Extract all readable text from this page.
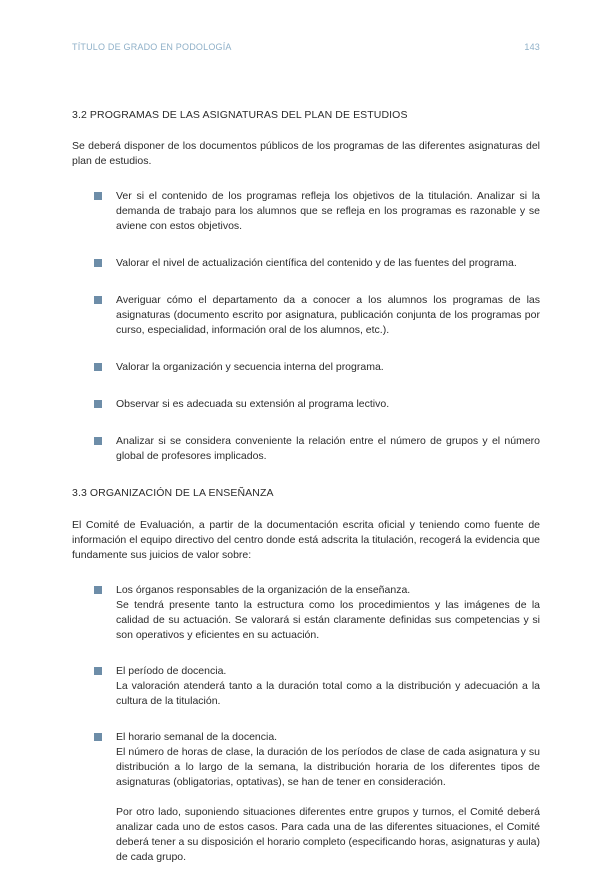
TÍTULO DE GRADO EN PODOLOGÍA	143
3.2 PROGRAMAS DE LAS ASIGNATURAS DEL PLAN DE ESTUDIOS

Se deberá disponer de los documentos públicos de los programas de las diferentes asignaturas del plan de estudios.

Ver si el contenido de los programas refleja los objetivos de la titulación. Analizar si la demanda de trabajo para los alumnos que se refleja en los programas es razonable y se aviene con estos objetivos.
Valorar el nivel de actualización científica del contenido y de las fuentes del programa.
Averiguar cómo el departamento da a conocer a los alumnos los programas de las asignaturas (documento escrito por asignatura, publicación conjunta de los programas por curso, especialidad, información oral de los alumnos, etc.).
Valorar la organización y secuencia interna del programa.
Observar si es adecuada su extensión al programa lectivo.
Analizar si se considera conveniente la relación entre el número de grupos y el número global de profesores implicados.
3.3 ORGANIZACIÓN DE LA ENSEÑANZA

El Comité de Evaluación, a partir de la documentación escrita oficial y teniendo como fuente de información el equipo directivo del centro donde está adscrita la titulación, recogerá la evidencia que fundamente sus juicios de valor sobre:

Los órganos responsables de la organización de la enseñanza.
Se tendrá presente tanto la estructura como los procedimientos y las imágenes de la calidad de su actuación. Se valorará si están claramente definidas sus competencias y si son operativos y eficientes en su actuación.
El período de docencia.
La valoración atenderá tanto a la duración total como a la distribución y adecuación a la cultura de la titulación.
El horario semanal de la docencia.
El número de horas de clase, la duración de los períodos de clase de cada asignatura y su distribución a lo largo de la semana, la distribución horaria de los diferentes tipos de asignaturas (obligatorias, optativas), se han de tener en consideración.
Por otro lado, suponiendo situaciones diferentes entre grupos y turnos, el Comité deberá analizar cada uno de estos casos. Para cada una de las diferentes situaciones, el Comité deberá tener a su disposición el horario completo (especificando horas, asignaturas y aula) de cada grupo.
